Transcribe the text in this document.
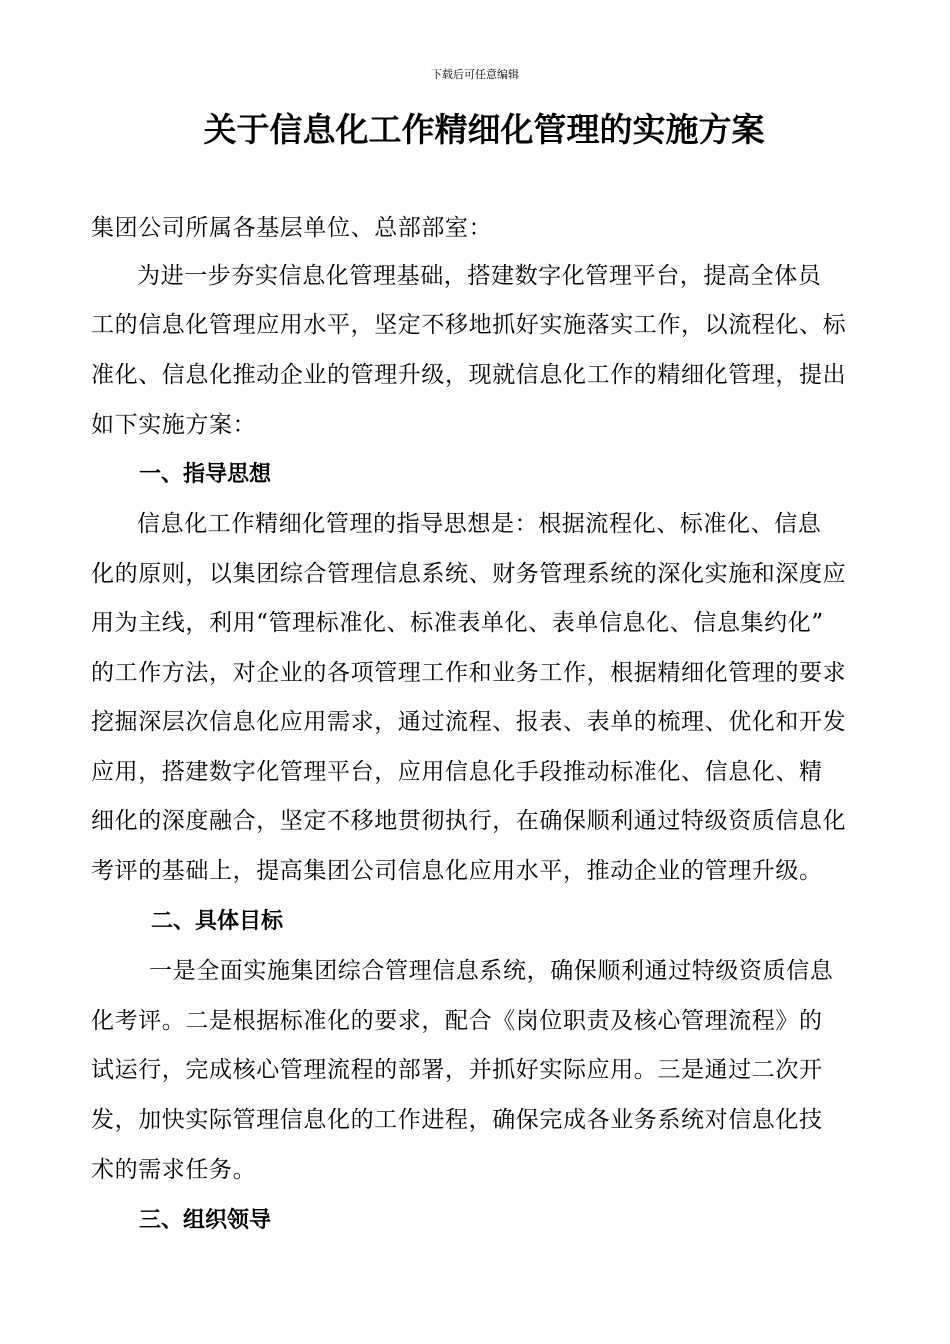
下载后可任意编辑
关于信息化工作精细化管理的实施方案
集团公司所属各基层单位、总部部室：
为进一步夯实信息化管理基础，搭建数字化管理平台，提高全体员
工的信息化管理应用水平，坚定不移地抓好实施落实工作，以流程化、标
准化、信息化推动企业的管理升级，现就信息化工作的精细化管理，提出
如下实施方案：
一、指导思想
信息化工作精细化管理的指导思想是：根据流程化、标准化、信息
化的原则，以集团综合管理信息系统、财务管理系统的深化实施和深度应
用为主线，利用“管理标准化、标准表单化、表单信息化、信息集约化”
的工作方法，对企业的各项管理工作和业务工作，根据精细化管理的要求
挖掘深层次信息化应用需求，通过流程、报表、表单的梳理、优化和开发
应用，搭建数字化管理平台，应用信息化手段推动标准化、信息化、精
细化的深度融合，坚定不移地贯彻执行，在确保顺利通过特级资质信息化
考评的基础上，提高集团公司信息化应用水平，推动企业的管理升级。
二、具体目标
一是全面实施集团综合管理信息系统，确保顺利通过特级资质信息
化考评。二是根据标准化的要求，配合《岗位职责及核心管理流程》的
试运行，完成核心管理流程的部署，并抓好实际应用。三是通过二次开
发，加快实际管理信息化的工作进程，确保完成各业务系统对信息化技
术的需求任务。
三、组织领导
